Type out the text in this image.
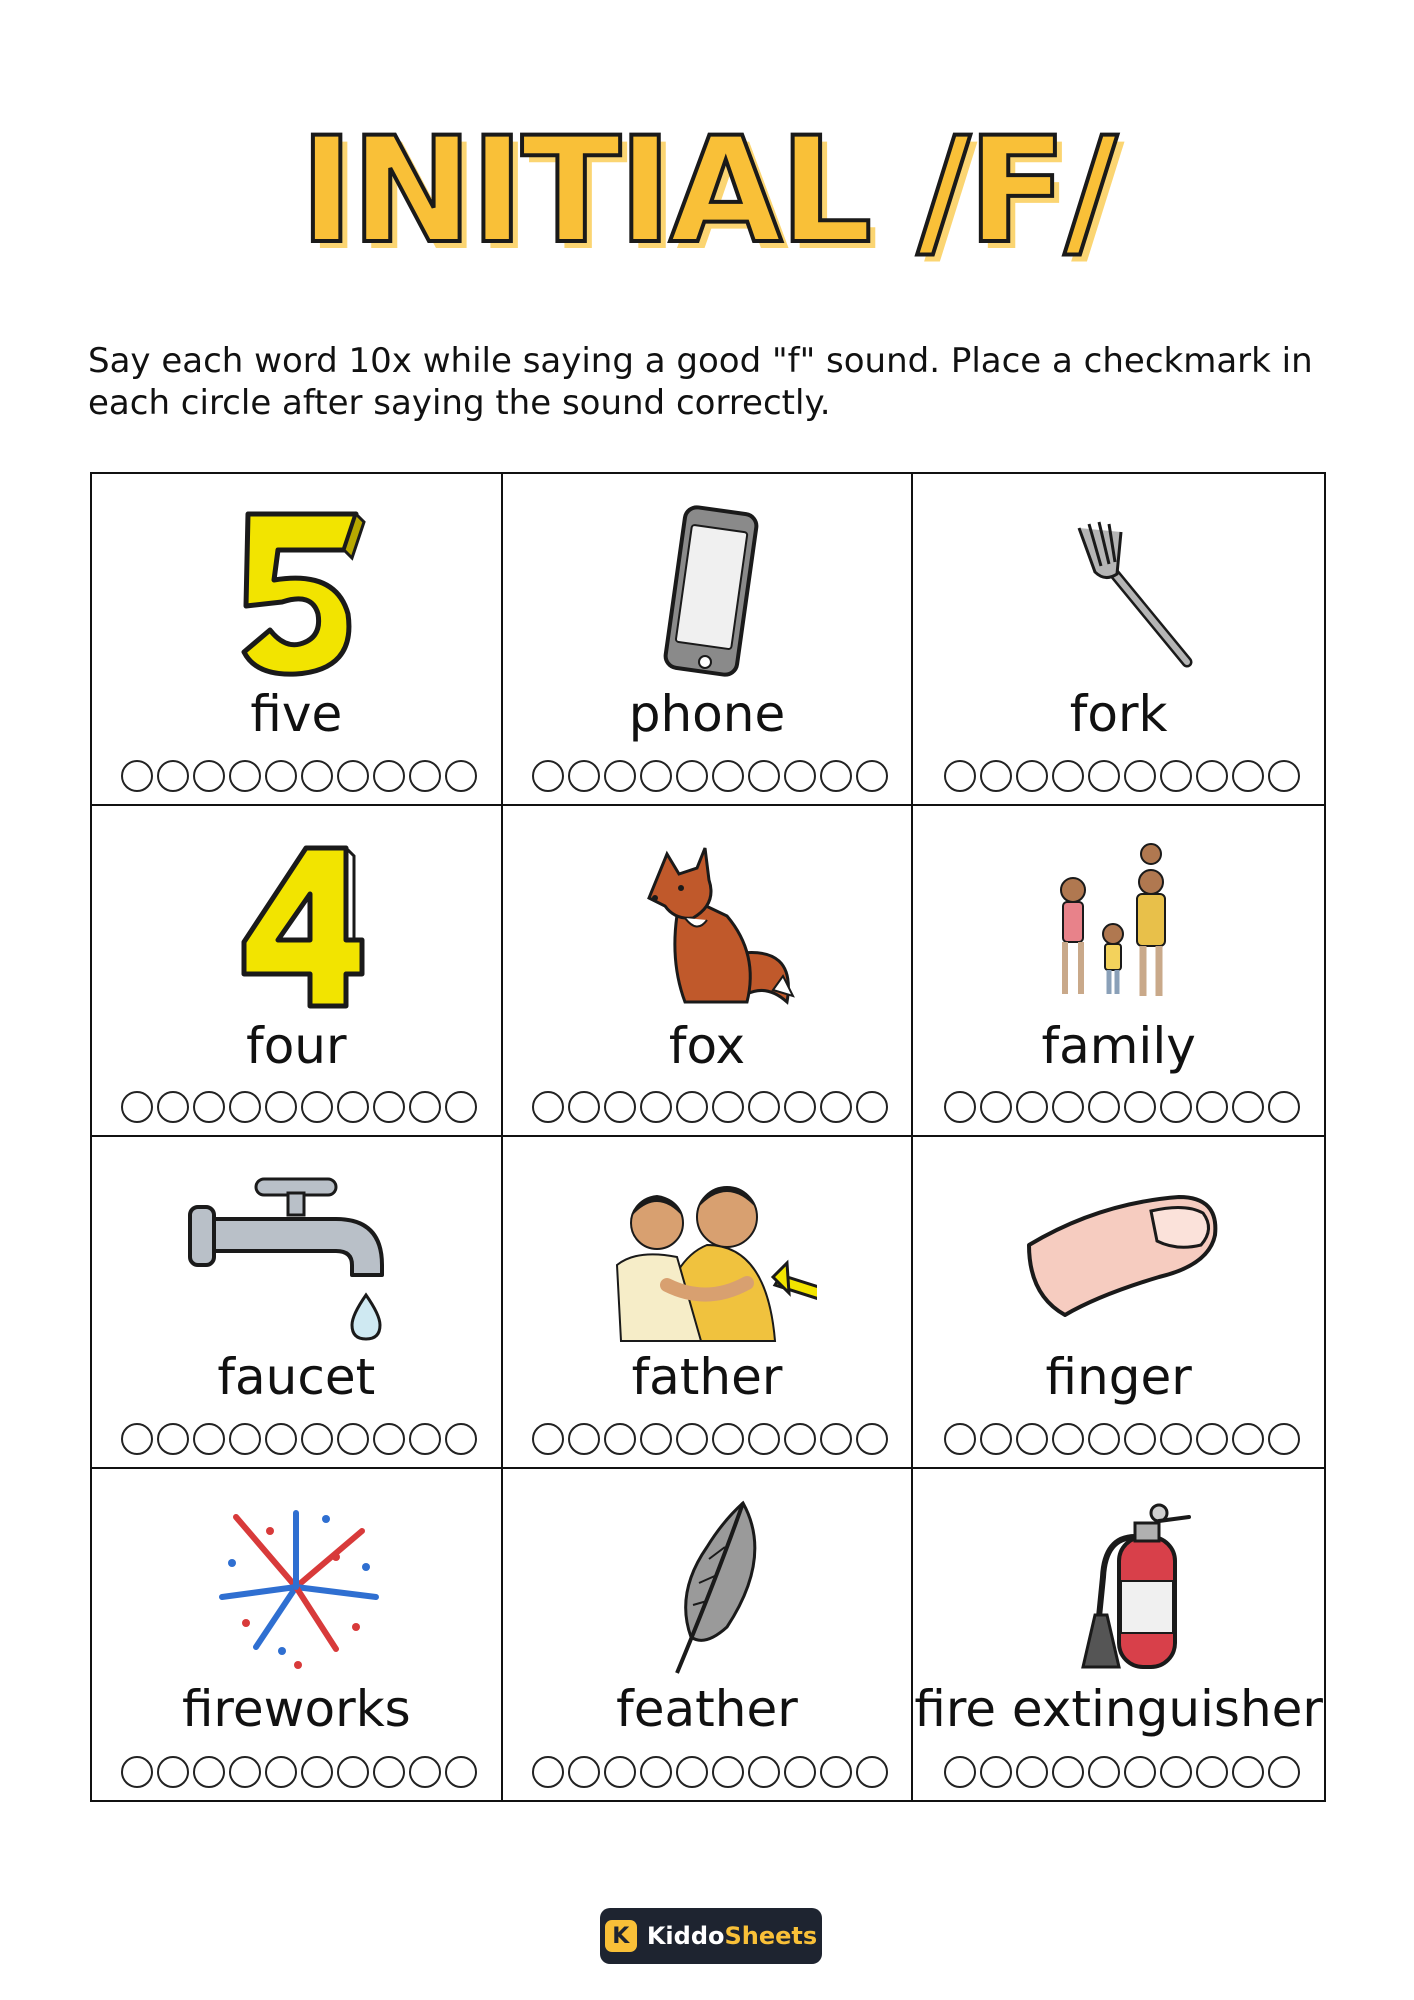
INITIAL /F/
Say each word 10x while saying a good "f" sound. Place a checkmark in each circle after saying the sound correctly.
five	phone	fork
four	fox	family
faucet	father	finger
fireworks	feather	fire extinguisher
K KiddoSheets
